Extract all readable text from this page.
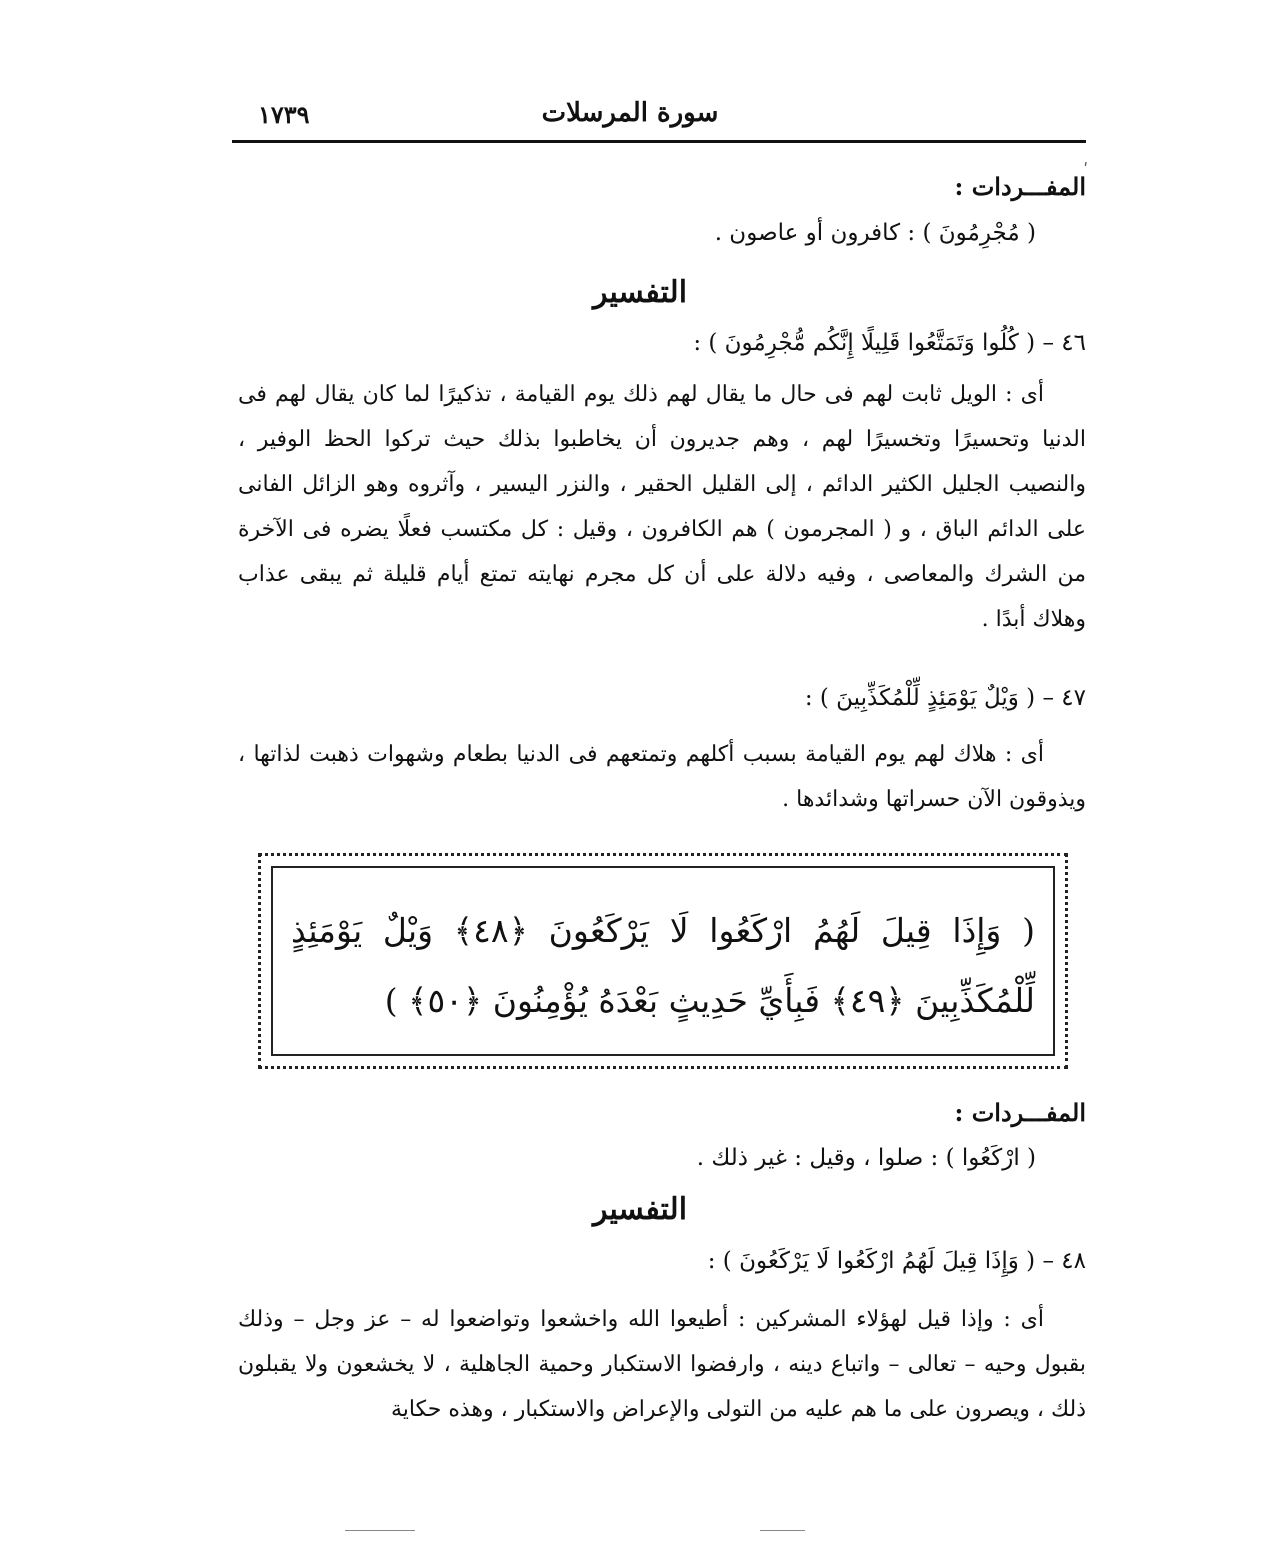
سورة المرسلات
١٧٣٩
ʹ
المفـــردات :
( مُجْرِمُونَ ) : كافرون أو عاصون .
التفسير
٤٦ – ( كُلُوا وَتَمَتَّعُوا قَلِيلًا إِنَّكُم مُّجْرِمُونَ ) :
أى : الويل ثابت لهم فى حال ما يقال لهم ذلك يوم القيامة ، تذكيرًا لما كان يقال لهم فى الدنيا وتحسيرًا وتخسيرًا لهم ، وهم جديرون أن يخاطبوا بذلك حيث تركوا الحظ الوفير ، والنصيب الجليل الكثير الدائم ، إلى القليل الحقير ، والنزر اليسير ، وآثروه وهو الزائل الفانى على الدائم الباق ، و ( المجرمون ) هم الكافرون ، وقيل : كل مكتسب فعلًا يضره فى الآخرة من الشرك والمعاصى ، وفيه دلالة على أن كل مجرم نهايته تمتع أيام قليلة ثم يبقى عذاب وهلاك أبدًا .
٤٧ – ( وَيْلٌ يَوْمَئِذٍ لِّلْمُكَذِّبِينَ ) :
أى : هلاك لهم يوم القيامة بسبب أكلهم وتمتعهم فى الدنيا بطعام وشهوات ذهبت لذاتها ، ويذوقون الآن حسراتها وشدائدها .
( وَإِذَا قِيلَ لَهُمُ ارْكَعُوا لَا يَرْكَعُونَ ﴿٤٨﴾ وَيْلٌ يَوْمَئِذٍ لِّلْمُكَذِّبِينَ ﴿٤٩﴾ فَبِأَيِّ حَدِيثٍ بَعْدَهُ يُؤْمِنُونَ ﴿٥٠﴾ )
المفـــردات :
( ارْكَعُوا ) : صلوا ، وقيل : غير ذلك .
التفسير
٤٨ – ( وَإِذَا قِيلَ لَهُمُ ارْكَعُوا لَا يَرْكَعُونَ ) :
أى : وإذا قيل لهؤلاء المشركين : أطيعوا الله واخشعوا وتواضعوا له – عز وجل – وذلك بقبول وحيه – تعالى – واتباع دينه ، وارفضوا الاستكبار وحمية الجاهلية ، لا يخشعون ولا يقبلون ذلك ، ويصرون على ما هم عليه من التولى والإعراض والاستكبار ، وهذه حكاية
